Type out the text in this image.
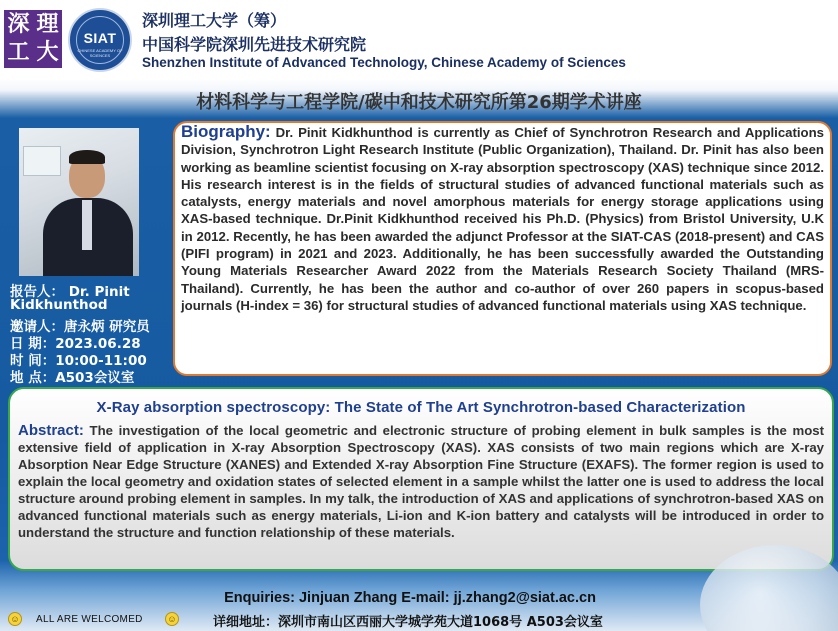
深 理
工 大
SIAT
CHINESE ACADEMY OF SCIENCES
深圳理工大学（筹）
中国科学院深圳先进技术研究院
Shenzhen Institute of Advanced Technology, Chinese Academy of Sciences
材料科学与工程学院/碳中和技术研究所第26期学术讲座
报告人： Dr. Pinit
Kidkhunthod
邀请人：唐永炳 研究员
日 期：2023.06.28
时 间：10:00-11:00
地 点：A503会议室
Biography: Dr. Pinit Kidkhunthod is currently as Chief of Synchrotron Research and Applications Division, Synchrotron Light Research Institute (Public Organization), Thailand. Dr. Pinit has also been working as beamline scientist focusing on X-ray absorption spectroscopy (XAS) technique since 2012. His research interest is in the fields of structural studies of advanced functional materials such as catalysts, energy materials and novel amorphous materials for energy storage applications using XAS-based technique. Dr.Pinit Kidkhunthod received his Ph.D. (Physics) from Bristol University, U.K in 2012. Recently, he has been awarded the adjunct Professor at the SIAT-CAS (2018-present) and CAS (PIFI program) in 2021 and 2023. Additionally, he has been successfully awarded the Outstanding Young Materials Researcher Award 2022 from the Materials Research Society Thailand (MRS-Thailand). Currently, he has been the author and co-author of over 260 papers in scopus-based journals (H-index = 36) for structural studies of advanced functional materials using XAS technique.
X-Ray absorption spectroscopy: The State of The Art Synchrotron-based Characterization
Abstract: The investigation of the local geometric and electronic structure of probing element in bulk samples is the most extensive field of application in X-ray Absorption Spectroscopy (XAS). XAS consists of two main regions which are X-ray Absorption Near Edge Structure (XANES) and Extended X-ray Absorption Fine Structure (EXAFS). The former region is used to explain the local geometry and oxidation states of selected element in a sample whilst the latter one is used to address the local structure around probing element in samples. In my talk, the introduction of XAS and applications of synchrotron-based XAS on advanced functional materials such as energy materials, Li-ion and K-ion battery and catalysts will be introduced in order to understand the structure and function relationship of these materials.
Enquiries: Jinjuan Zhang E-mail: jj.zhang2@siat.ac.cn
详细地址：深圳市南山区西丽大学城学苑大道1068号 A503会议室
☺ ALL ARE WELCOMED	☺
